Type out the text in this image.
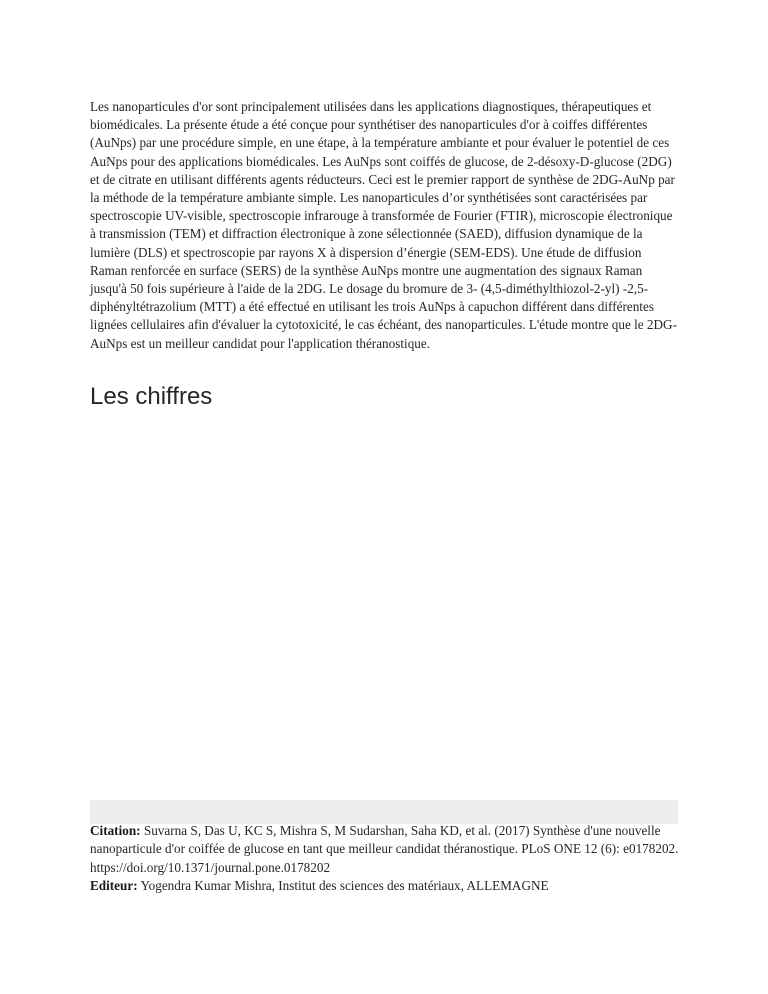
Les nanoparticules d'or sont principalement utilisées dans les applications diagnostiques, thérapeutiques et biomédicales. La présente étude a été conçue pour synthétiser des nanoparticules d'or à coiffes différentes (AuNps) par une procédure simple, en une étape, à la température ambiante et pour évaluer le potentiel de ces AuNps pour des applications biomédicales. Les AuNps sont coiffés de glucose, de 2-désoxy-D-glucose (2DG) et de citrate en utilisant différents agents réducteurs. Ceci est le premier rapport de synthèse de 2DG-AuNp par la méthode de la température ambiante simple. Les nanoparticules d’or synthétisées sont caractérisées par spectroscopie UV-visible, spectroscopie infrarouge à transformée de Fourier (FTIR), microscopie électronique à transmission (TEM) et diffraction électronique à zone sélectionnée (SAED), diffusion dynamique de la lumière (DLS) et spectroscopie par rayons X à dispersion d’énergie (SEM-EDS). Une étude de diffusion Raman renforcée en surface (SERS) de la synthèse AuNps montre une augmentation des signaux Raman jusqu'à 50 fois supérieure à l'aide de la 2DG. Le dosage du bromure de 3- (4,5-diméthylthiozol-2-yl) -2,5-diphényltétrazolium (MTT) a été effectué en utilisant les trois AuNps à capuchon différent dans différentes lignées cellulaires afin d'évaluer la cytotoxicité, le cas échéant, des nanoparticules. L'étude montre que le 2DG-AuNps est un meilleur candidat pour l'application théranostique.

Les chiffres

Citation: Suvarna S, Das U, KC S, Mishra S, M Sudarshan, Saha KD, et al. (2017) Synthèse d'une nouvelle nanoparticule d'or coiffée de glucose en tant que meilleur candidat théranostique. PLoS ONE 12 (6): e0178202. https://doi.org/10.1371/journal.pone.0178202

Editeur: Yogendra Kumar Mishra, Institut des sciences des matériaux, ALLEMAGNE
